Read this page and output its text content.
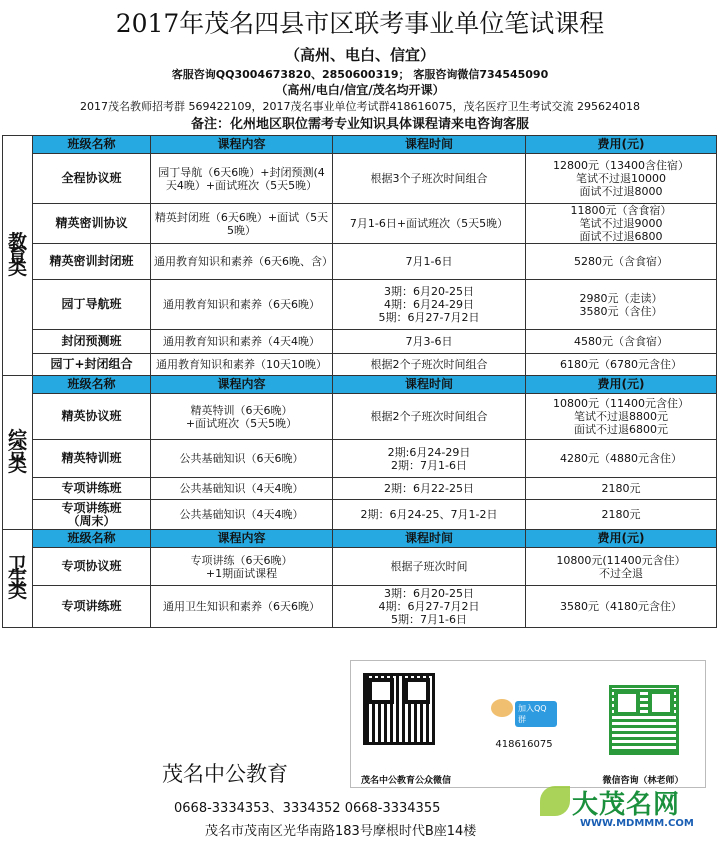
2017年茂名四县市区联考事业单位笔试课程
（高州、电白、信宜）
客服咨询QQ3004673820、2850600319； 客服咨询微信734545090
（高州/电白/信宜/茂名均开课）
2017茂名教师招考群 569422109，2017茂名事业单位考试群418616075，茂名医疗卫生考试交流 295624018
备注：化州地区职位需考专业知识具体课程请来电咨询客服
教
育
类	班级名称	课程内容	课程时间	费用(元)
	全程协议班	园丁导航（6天6晚）+封闭预测(4天4晚）+面试班次（5天5晚）	根据3个子班次时间组合	12800元（13400含住宿）
笔试不过退10000
面试不过退8000
	精英密训协议	精英封闭班（6天6晚）+面试（5天5晚）	7月1-6日+面试班次（5天5晚）	11800元（含食宿）
笔试不过退9000
面试不过退6800
	精英密训封闭班	通用教育知识和素养（6天6晚、含）	7月1-6日	5280元（含食宿）
	园丁导航班	通用教育知识和素养（6天6晚）	3期：6月20-25日
4期：6月24-29日
5期：6月27-7月2日	2980元（走读）
3580元（含住）
	封闭预测班	通用教育知识和素养（4天4晚）	7月3-6日	4580元（含食宿）
	园丁+封闭组合	通用教育知识和素养（10天10晚）	根据2个子班次时间组合	6180元（6780元含住）
综
合
类	班级名称	课程内容	课程时间	费用(元)
	精英协议班	精英特训（6天6晚）
+面试班次（5天5晚）	根据2个子班次时间组合	10800元（11400元含住）
笔试不过退8800元
面试不过退6800元
	精英特训班	公共基础知识（6天6晚）	2期:6月24-29日
2期：7月1-6日	4280元（4880元含住）
	专项讲练班	公共基础知识（4天4晚）	2期：6月22-25日	2180元
	专项讲练班
（周末）	公共基础知识（4天4晚）	2期：6月24-25、7月1-2日	2180元
卫
生
类	班级名称	课程内容	课程时间	费用(元)
	专项协议班	专项讲练（6天6晚）
+1期面试课程	根据子班次时间	10800元(11400元含住）
不过全退
	专项讲练班	通用卫生知识和素养（6天6晚）	3期：6月20-25日
4期：6月27-7月2日
5期：7月1-6日	3580元（4180元含住）
茂名中公教育公众微信
加入QQ群
418616075
微信咨询（林老师）
茂名中公教育
0668-3334353、3334352 0668-3334355
茂名市茂南区光华南路183号摩根时代B座14楼
大茂名网
WWW.MDMMM.COM
